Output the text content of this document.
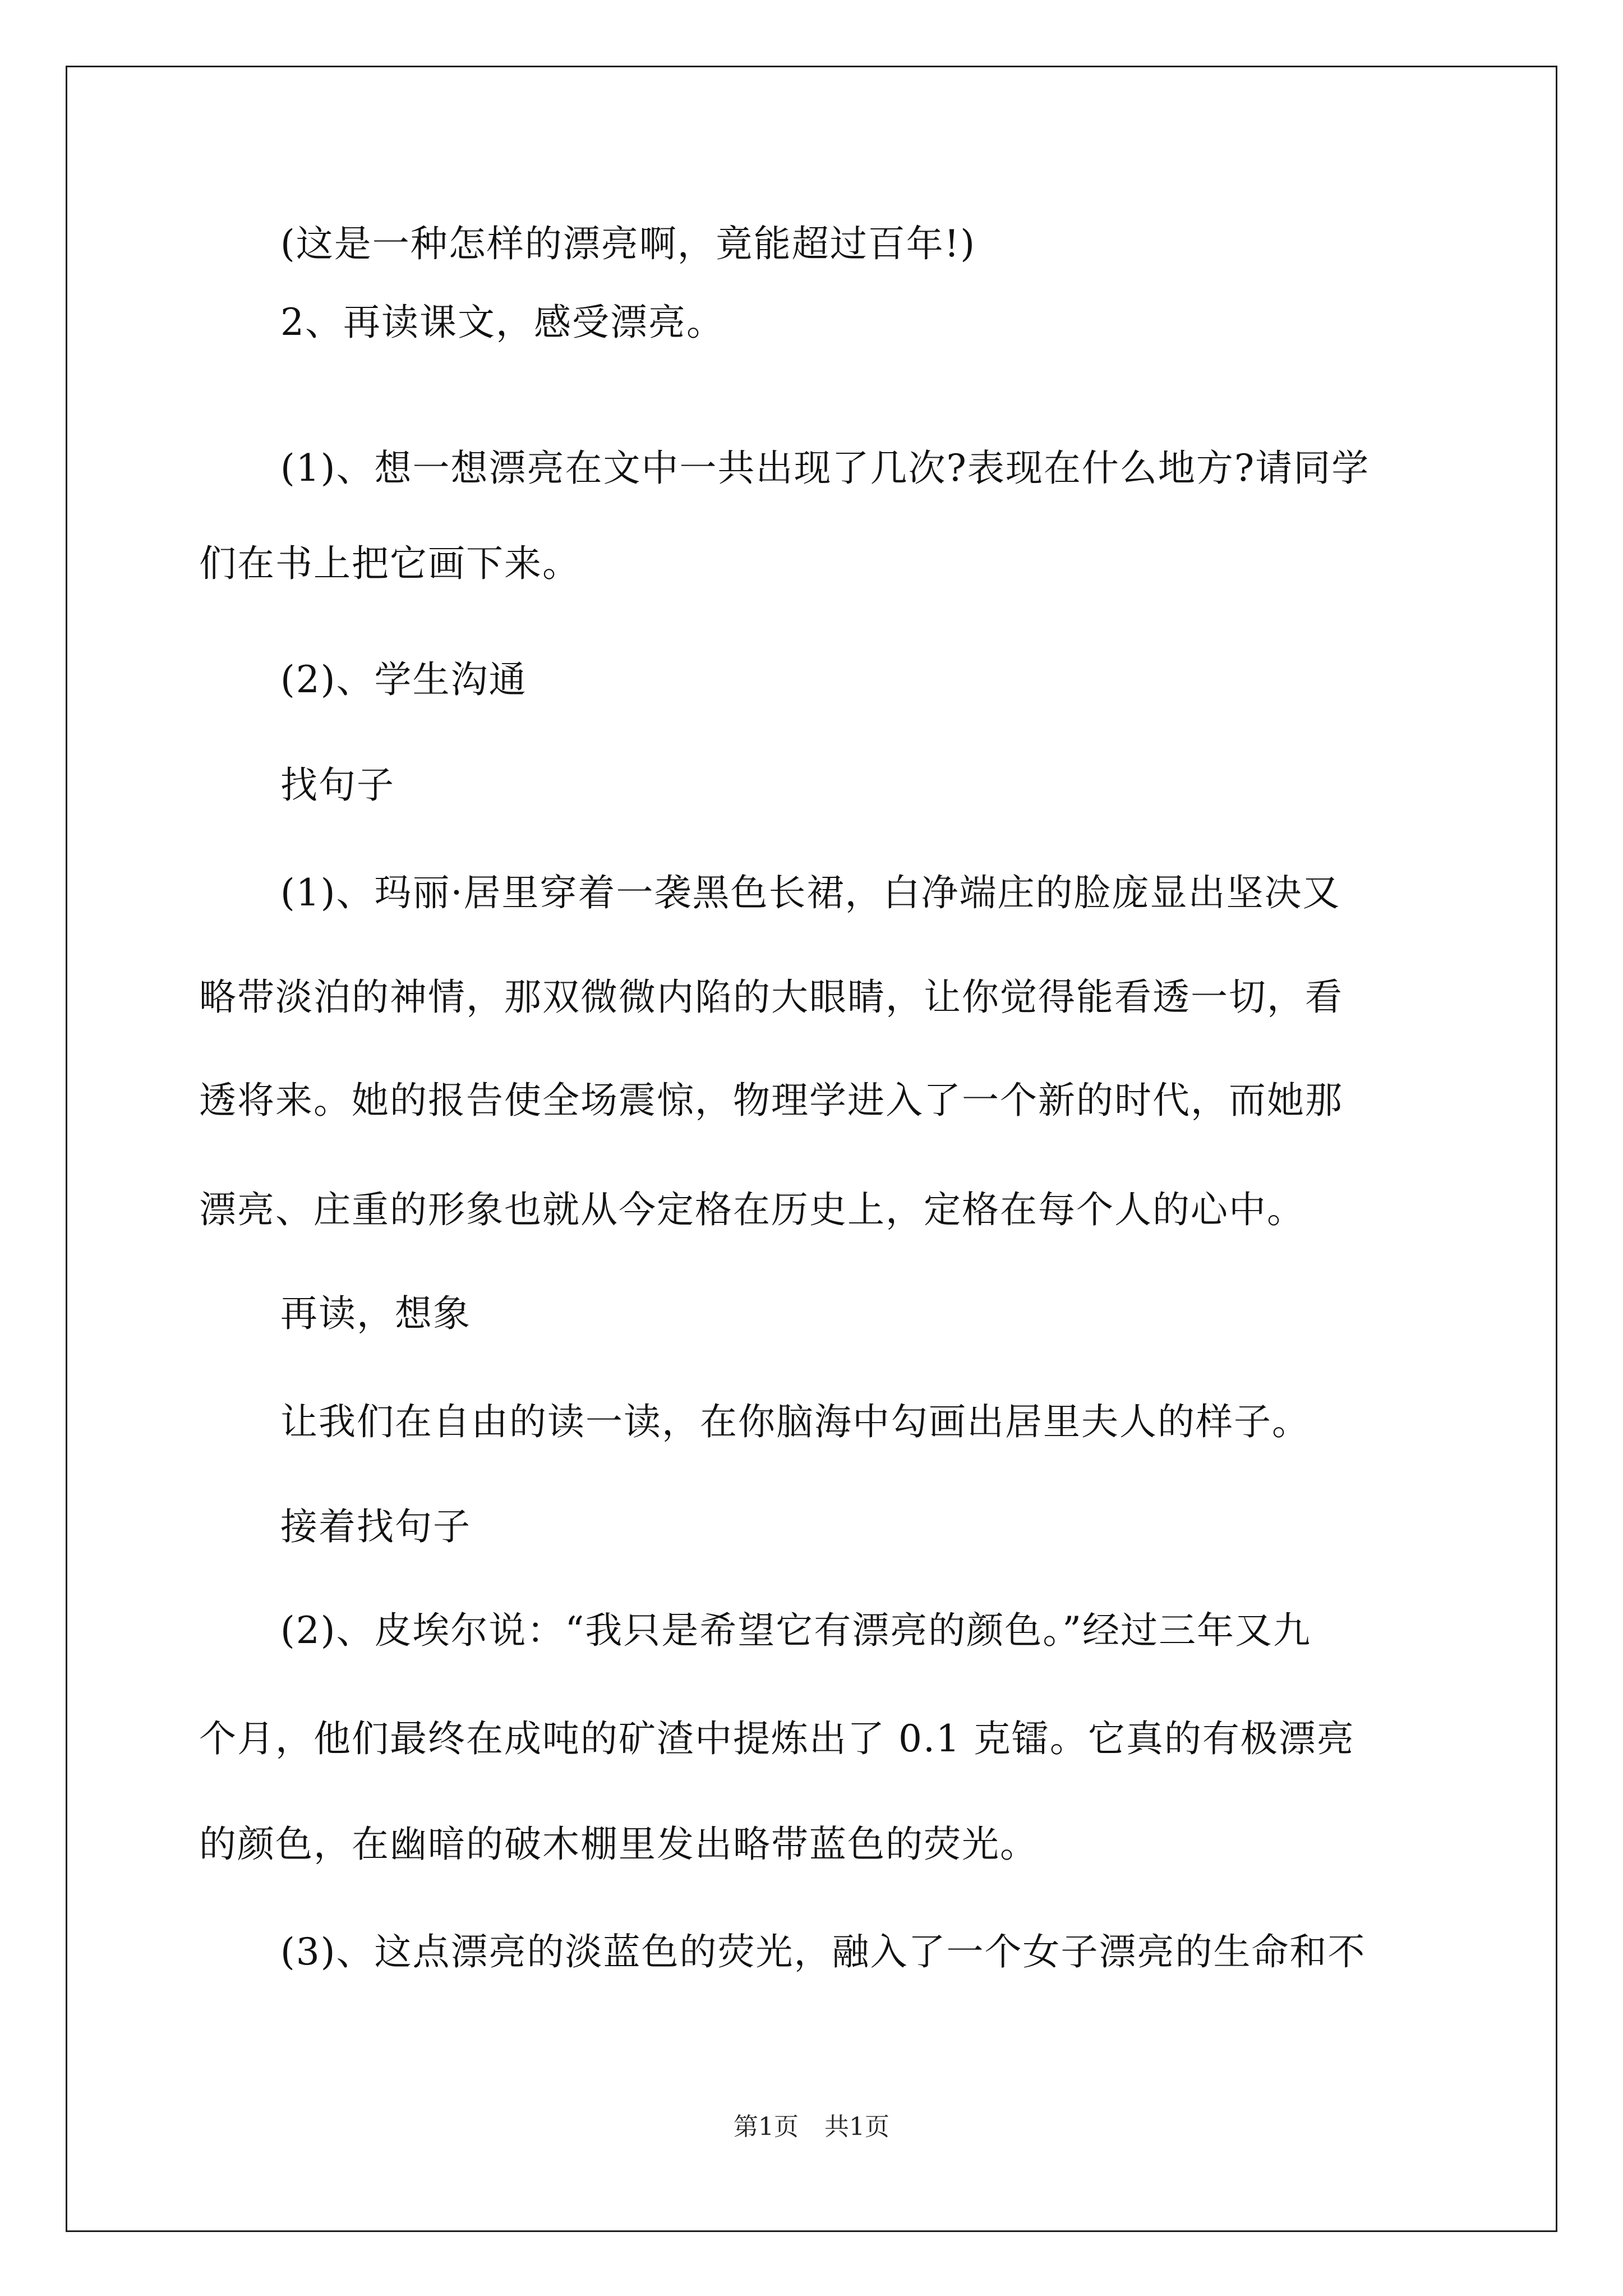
(这是一种怎样的漂亮啊，竟能超过百年!)
2、再读课文，感受漂亮。
(1)、想一想漂亮在文中一共出现了几次?表现在什么地方?请同学
们在书上把它画下来。
(2)、学生沟通
找句子
(1)、玛丽·居里穿着一袭黑色长裙，白净端庄的脸庞显出坚决又
略带淡泊的神情，那双微微内陷的大眼睛，让你觉得能看透一切，看
透将来。她的报告使全场震惊，物理学进入了一个新的时代，而她那
漂亮、庄重的形象也就从今定格在历史上，定格在每个人的心中。
再读，想象
让我们在自由的读一读，在你脑海中勾画出居里夫人的样子。
接着找句子
(2)、皮埃尔说：“我只是希望它有漂亮的颜色。”经过三年又九
个月，他们最终在成吨的矿渣中提炼出了 0.1 克镭。它真的有极漂亮
的颜色，在幽暗的破木棚里发出略带蓝色的荧光。
(3)、这点漂亮的淡蓝色的荧光，融入了一个女子漂亮的生命和不
第1页 共1页
